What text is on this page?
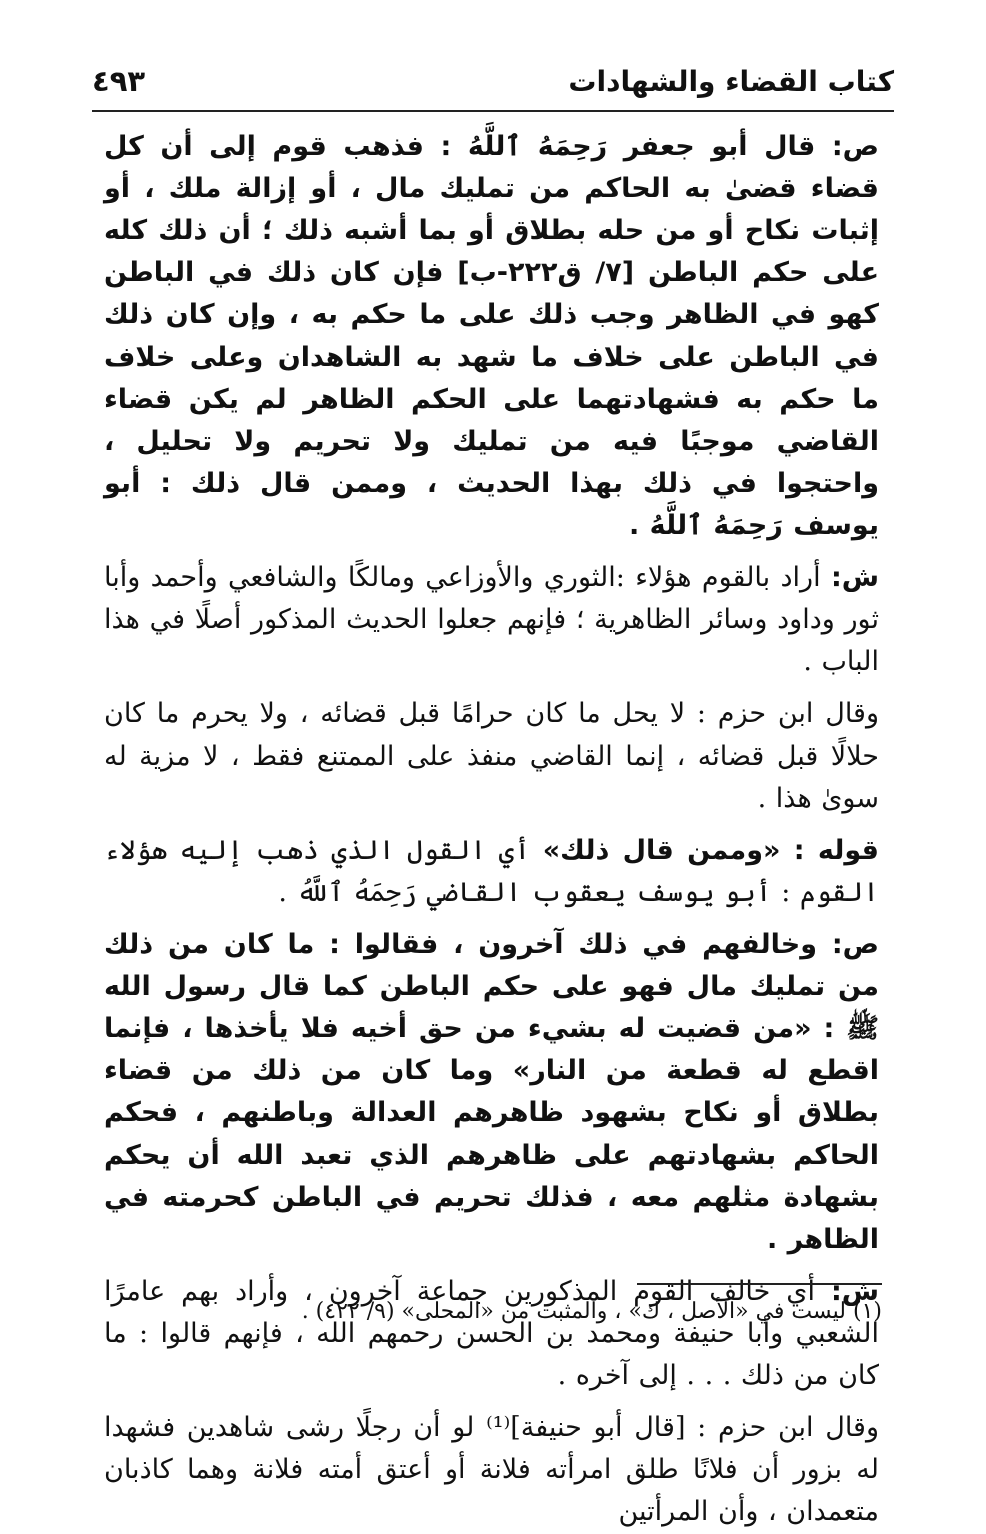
كتاب القضاء والشهادات
٤٩٣

ص: قال أبو جعفر رَحِمَهُ ٱللَّهُ : فذهب قوم إلى أن كل قضاء قضىٰ به الحاكم من تمليك مال ، أو إزالة ملك ، أو إثبات نكاح أو من حله بطلاق أو بما أشبه ذلك ؛ أن ذلك كله على حكم الباطن [٧/ ق٢٢٢-ب] فإن كان ذلك في الباطن كهو في الظاهر وجب ذلك على ما حكم به ، وإن كان ذلك في الباطن على خلاف ما شهد به الشاهدان وعلى خلاف ما حكم به فشهادتهما على الحكم الظاهر لم يكن قضاء القاضي موجبًا فيه من تمليك ولا تحريم ولا تحليل ، واحتجوا في ذلك بهذا الحديث ، وممن قال ذلك : أبو يوسف رَحِمَهُ ٱللَّهُ .

ش: أراد بالقوم هؤلاء :الثوري والأوزاعي ومالكًا والشافعي وأحمد وأبا ثور وداود وسائر الظاهرية ؛ فإنهم جعلوا الحديث المذكور أصلًا في هذا الباب .

وقال ابن حزم : لا يحل ما كان حرامًا قبل قضائه ، ولا يحرم ما كان حلالًا قبل قضائه ، إنما القاضي منفذ على الممتنع فقط ، لا مزية له سوىٰ هذا .

قوله : «وممن قال ذلك» أي القول الذي ذهب إليه هؤلاء القوم : أبو يوسف يعقوب القاضي رَحِمَهُ ٱللَّهُ .

ص: وخالفهم في ذلك آخرون ، فقالوا : ما كان من ذلك من تمليك مال فهو على حكم الباطن كما قال رسول الله ﷺ : «من قضيت له بشيء من حق أخيه فلا يأخذها ، فإنما اقطع له قطعة من النار» وما كان من ذلك من قضاء بطلاق أو نكاح بشهود ظاهرهم العدالة وباطنهم ، فحكم الحاكم بشهادتهم على ظاهرهم الذي تعبد الله أن يحكم بشهادة مثلهم معه ، فذلك تحريم في الباطن كحرمته في الظاهر .

ش: أي خالف القوم المذكورين جماعة آخرون ، وأراد بهم عامرًا الشعبي وأبا حنيفة ومحمد بن الحسن رحمهم الله ، فإنهم قالوا : ما كان من ذلك . . . إلى آخره .

وقال ابن حزم : [قال أبو حنيفة]⁽¹⁾ لو أن رجلًا رشى شاهدين فشهدا له بزور أن فلانًا طلق امرأته فلانة أو أعتق أمته فلانة وهما كاذبان متعمدان ، وأن المرأتين

(١) ليست في «الأصل ، ك» ، والمثبت من «المحلى» (٩/ ٤٢٢) .
